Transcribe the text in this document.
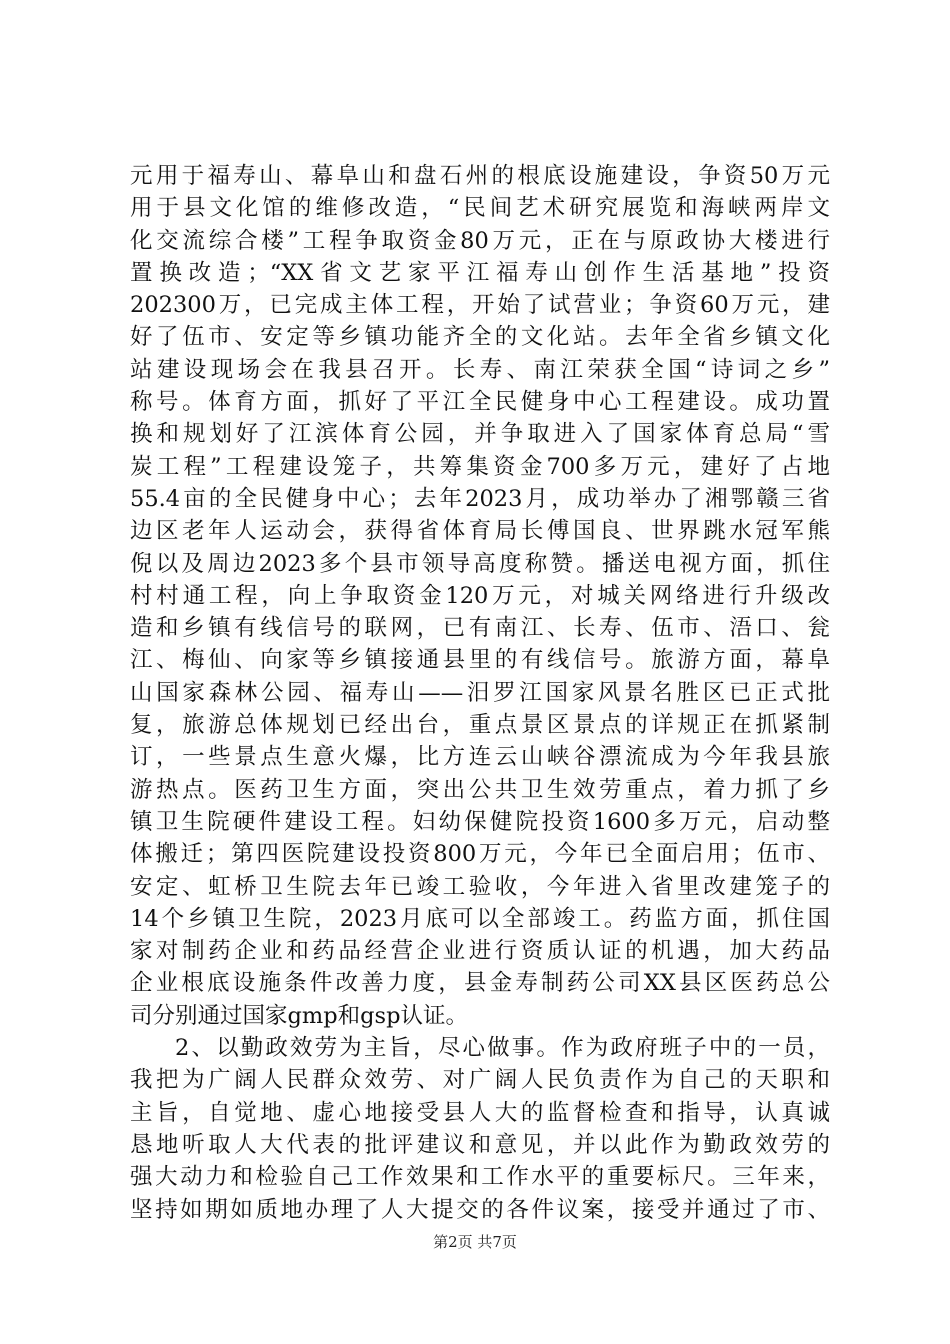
元用于福寿山、幕阜山和盘石州的根底设施建设，争资50万元
用于县文化馆的维修改造，“民间艺术研究展览和海峡两岸文
化交流综合楼”工程争取资金80万元，正在与原政协大楼进行
置换改造；“XX省文艺家平江福寿山创作生活基地”投资
202300万，已完成主体工程，开始了试营业；争资60万元，建
好了伍市、安定等乡镇功能齐全的文化站。去年全省乡镇文化
站建设现场会在我县召开。长寿、南江荣获全国“诗词之乡”
称号。体育方面，抓好了平江全民健身中心工程建设。成功置
换和规划好了江滨体育公园，并争取进入了国家体育总局“雪
炭工程”工程建设笼子，共筹集资金700多万元，建好了占地
55.4亩的全民健身中心；去年2023月，成功举办了湘鄂赣三省
边区老年人运动会，获得省体育局长傅国良、世界跳水冠军熊
倪以及周边2023多个县市领导高度称赞。播送电视方面，抓住
村村通工程，向上争取资金120万元，对城关网络进行升级改
造和乡镇有线信号的联网，已有南江、长寿、伍市、浯口、瓮
江、梅仙、向家等乡镇接通县里的有线信号。旅游方面，幕阜
山国家森林公园、福寿山——汨罗江国家风景名胜区已正式批
复，旅游总体规划已经出台，重点景区景点的详规正在抓紧制
订，一些景点生意火爆，比方连云山峡谷漂流成为今年我县旅
游热点。医药卫生方面，突出公共卫生效劳重点，着力抓了乡
镇卫生院硬件建设工程。妇幼保健院投资1600多万元，启动整
体搬迁；第四医院建设投资800万元，今年已全面启用；伍市、
安定、虹桥卫生院去年已竣工验收，今年进入省里改建笼子的
14个乡镇卫生院，2023月底可以全部竣工。药监方面，抓住国
家对制药企业和药品经营企业进行资质认证的机遇，加大药品
企业根底设施条件改善力度，县金寿制药公司XX县区医药总公
司分别通过国家gmp和gsp认证。
2、以勤政效劳为主旨，尽心做事。作为政府班子中的一员，
我把为广阔人民群众效劳、对广阔人民负责作为自己的天职和
主旨，自觉地、虚心地接受县人大的监督检查和指导，认真诚
恳地听取人大代表的批评建议和意见，并以此作为勤政效劳的
强大动力和检验自己工作效果和工作水平的重要标尺。三年来，
坚持如期如质地办理了人大提交的各件议案，接受并通过了市、
第2页 共7页
